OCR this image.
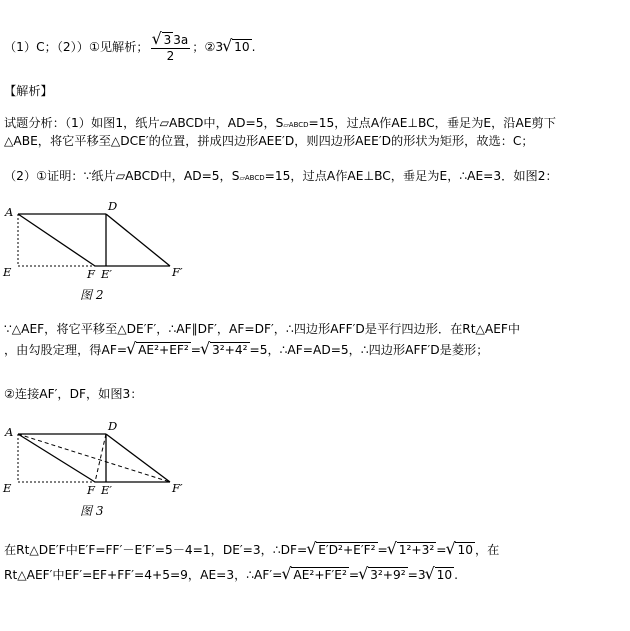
（1）C；（2））①见解析； √ $\frac{3 3a}{2}$ ；②3 √ 10 .
【解析】
试题分析：（1）如图1，纸片▱ABCD中，AD=5，S▱ABCD=15，过点A作AE⊥BC，垂足为E，沿AE剪下
△ABE，将它平移至△DCE′的位置，拼成四边形AEE′D，则四边形AEE′D的形状为矩形，故选：C；
（2）①证明：∵纸片▱ABCD中，AD=5，S▱ABCD=15，过点A作AE⊥BC，垂足为E，∴AE=3．如图2：
A	D
E	F E′	F′
图 2
∵△AEF，将它平移至△DE′F′，∴AF∥DF′，AF=DF′，∴四边形AFF′D是平行四边形．在Rt△AEF中
，由勾股定理，得AF= √ AE²+EF² = √ 3²+4² =5，∴AF=AD=5，∴四边形AFF′D是菱形；
②连接AF′，DF，如图3：
A	D
E	F E′	F′
图 3
在Rt△DE′F中E′F=FF′－E′F′=5－4=1，DE′=3，∴DF= √ E′D²+E′F² = √ 1²+3² = √ 10 ，在
Rt△AEF′中EF′=EF+FF′=4+5=9，AE=3，∴AF′= √ AE²+F′E² = √ 3²+9² =3 √ 10 .
